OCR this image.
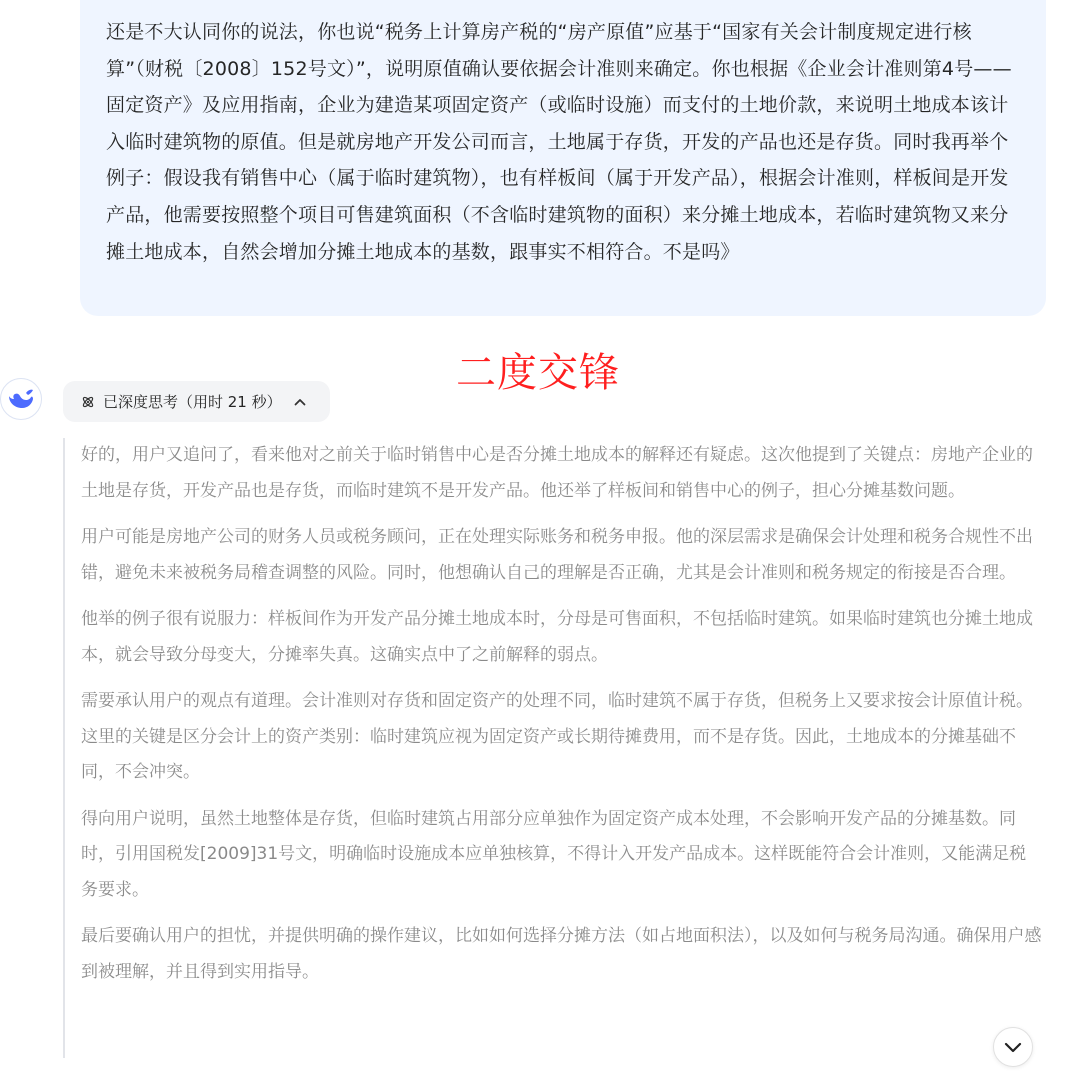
还是不大认同你的说法，你也说“税务上计算房产税的“房产原值”应基于“国家有关会计制度规定进行核算”（财税〔2008〕152号文）”，说明原值确认要依据会计准则来确定。你也根据《企业会计准则第4号——固定资产》及应用指南，企业为建造某项固定资产（或临时设施）而支付的土地价款，来说明土地成本该计入临时建筑物的原值。但是就房地产开发公司而言，土地属于存货，开发的产品也还是存货。同时我再举个例子：假设我有销售中心（属于临时建筑物），也有样板间（属于开发产品），根据会计准则，样板间是开发产品，他需要按照整个项目可售建筑面积（不含临时建筑物的面积）来分摊土地成本，若临时建筑物又来分摊土地成本，自然会增加分摊土地成本的基数，跟事实不相符合。不是吗》
二度交锋
已深度思考（用时 21 秒）

好的，用户又追问了，看来他对之前关于临时销售中心是否分摊土地成本的解释还有疑虑。这次他提到了关键点：房地产企业的土地是存货，开发产品也是存货，而临时建筑不是开发产品。他还举了样板间和销售中心的例子，担心分摊基数问题。

用户可能是房地产公司的财务人员或税务顾问，正在处理实际账务和税务申报。他的深层需求是确保会计处理和税务合规性不出错，避免未来被税务局稽查调整的风险。同时，他想确认自己的理解是否正确，尤其是会计准则和税务规定的衔接是否合理。

他举的例子很有说服力：样板间作为开发产品分摊土地成本时，分母是可售面积，不包括临时建筑。如果临时建筑也分摊土地成本，就会导致分母变大，分摊率失真。这确实点中了之前解释的弱点。

需要承认用户的观点有道理。会计准则对存货和固定资产的处理不同，临时建筑不属于存货，但税务上又要求按会计原值计税。这里的关键是区分会计上的资产类别：临时建筑应视为固定资产或长期待摊费用，而不是存货。因此，土地成本的分摊基础不同，不会冲突。

得向用户说明，虽然土地整体是存货，但临时建筑占用部分应单独作为固定资产成本处理，不会影响开发产品的分摊基数。同时，引用国税发[2009]31号文，明确临时设施成本应单独核算，不得计入开发产品成本。这样既能符合会计准则，又能满足税务要求。

最后要确认用户的担忧，并提供明确的操作建议，比如如何选择分摊方法（如占地面积法），以及如何与税务局沟通。确保用户感到被理解，并且得到实用指导。
